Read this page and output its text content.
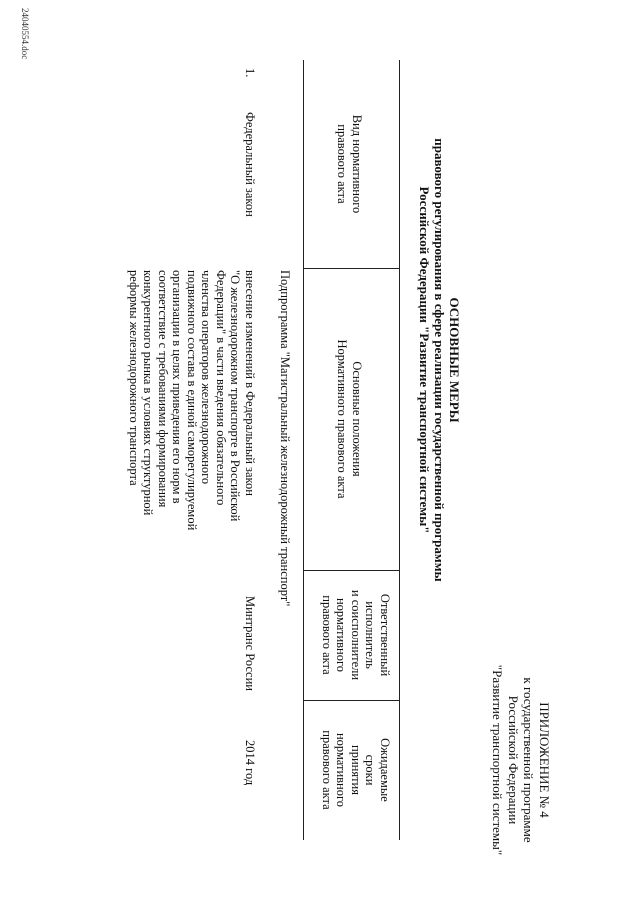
ПРИЛОЖЕНИЕ № 4
к государственной программе
Российской Федерации
"Развитие транспортной системы"
ОСНОВНЫЕ МЕРЫ
правового регулирования в сфере реализации государственной программы
Российской Федерации "Развитие транспортной системы"
Вид нормативного
правового акта
Основные положения
Нормативного правового акта
Ответственный
исполнитель
и соисполнители
нормативного
правового акта
Ожидаемые
сроки
принятия
нормативного
правового акта
Подпрограмма "Магистральный железнодорожный транспорт"
1.
Федеральный закон
внесение изменений в Федеральный закон
"О железнодорожном транспорте в Российской
Федерации" в части введения обязательного
членства операторов железнодорожного
подвижного состава в единой саморегулируемой
организации в целях приведения его норм в
соответствие с требованиями формирования
конкурентного рынка в условиях структурной
реформы железнодорожного транспорта
Минтранс России
2014 год
24040554.doc
